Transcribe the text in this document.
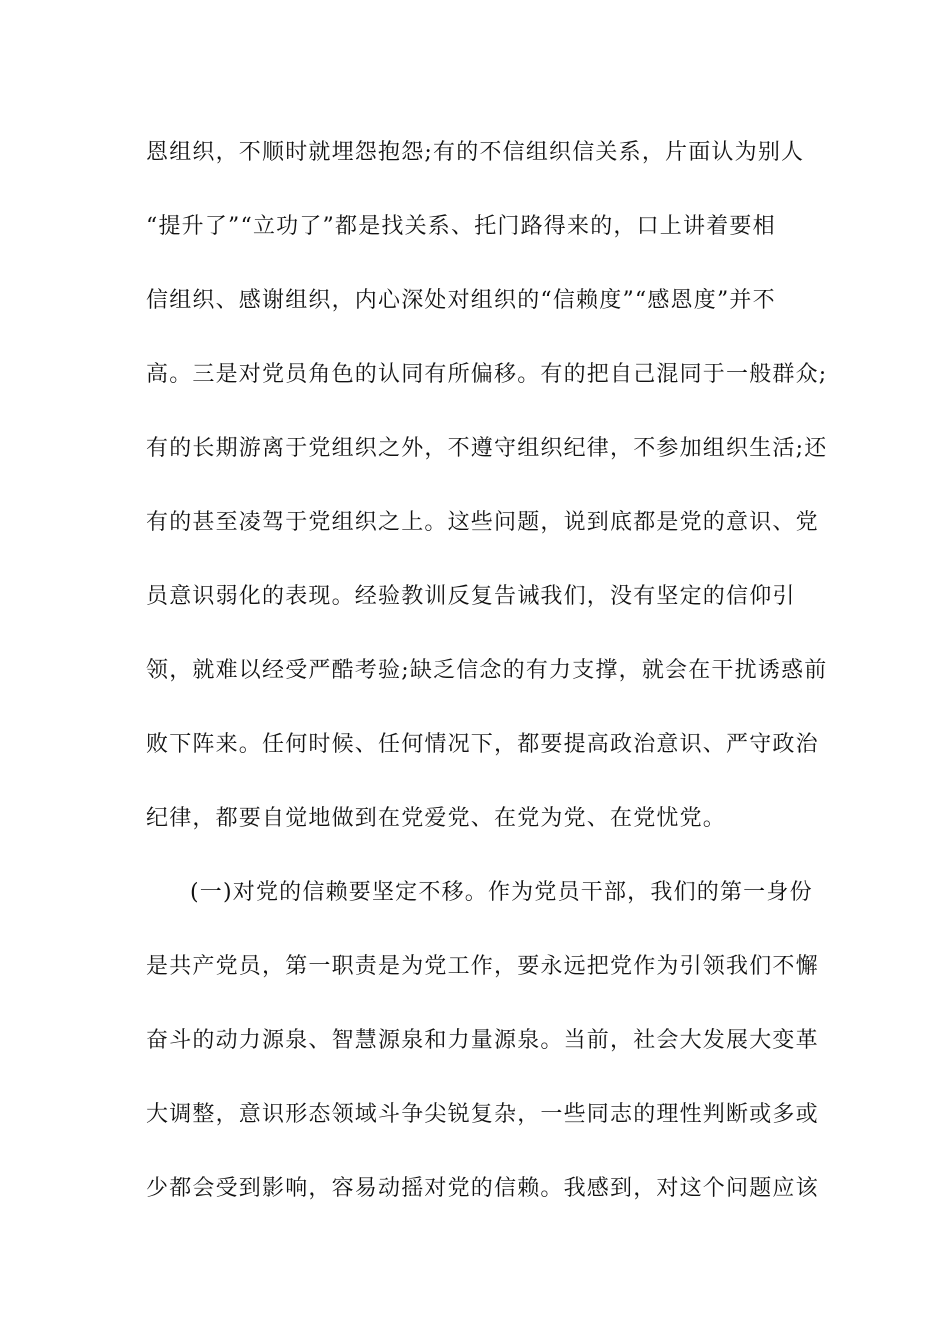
恩组织，不顺时就埋怨抱怨;有的不信组织信关系，片面认为别人
“提升了”“立功了”都是找关系、托门路得来的，口上讲着要相
信组织、感谢组织，内心深处对组织的“信赖度”“感恩度”并不
高。三是对党员角色的认同有所偏移。有的把自己混同于一般群众;
有的长期游离于党组织之外，不遵守组织纪律，不参加组织生活;还
有的甚至凌驾于党组织之上。这些问题，说到底都是党的意识、党
员意识弱化的表现。经验教训反复告诫我们，没有坚定的信仰引
领，就难以经受严酷考验;缺乏信念的有力支撑，就会在干扰诱惑前
败下阵来。任何时候、任何情况下，都要提高政治意识、严守政治
纪律，都要自觉地做到在党爱党、在党为党、在党忧党。
(一)对党的信赖要坚定不移。作为党员干部，我们的第一身份
是共产党员，第一职责是为党工作，要永远把党作为引领我们不懈
奋斗的动力源泉、智慧源泉和力量源泉。当前，社会大发展大变革
大调整，意识形态领域斗争尖锐复杂，一些同志的理性判断或多或
少都会受到影响，容易动摇对党的信赖。我感到，对这个问题应该
